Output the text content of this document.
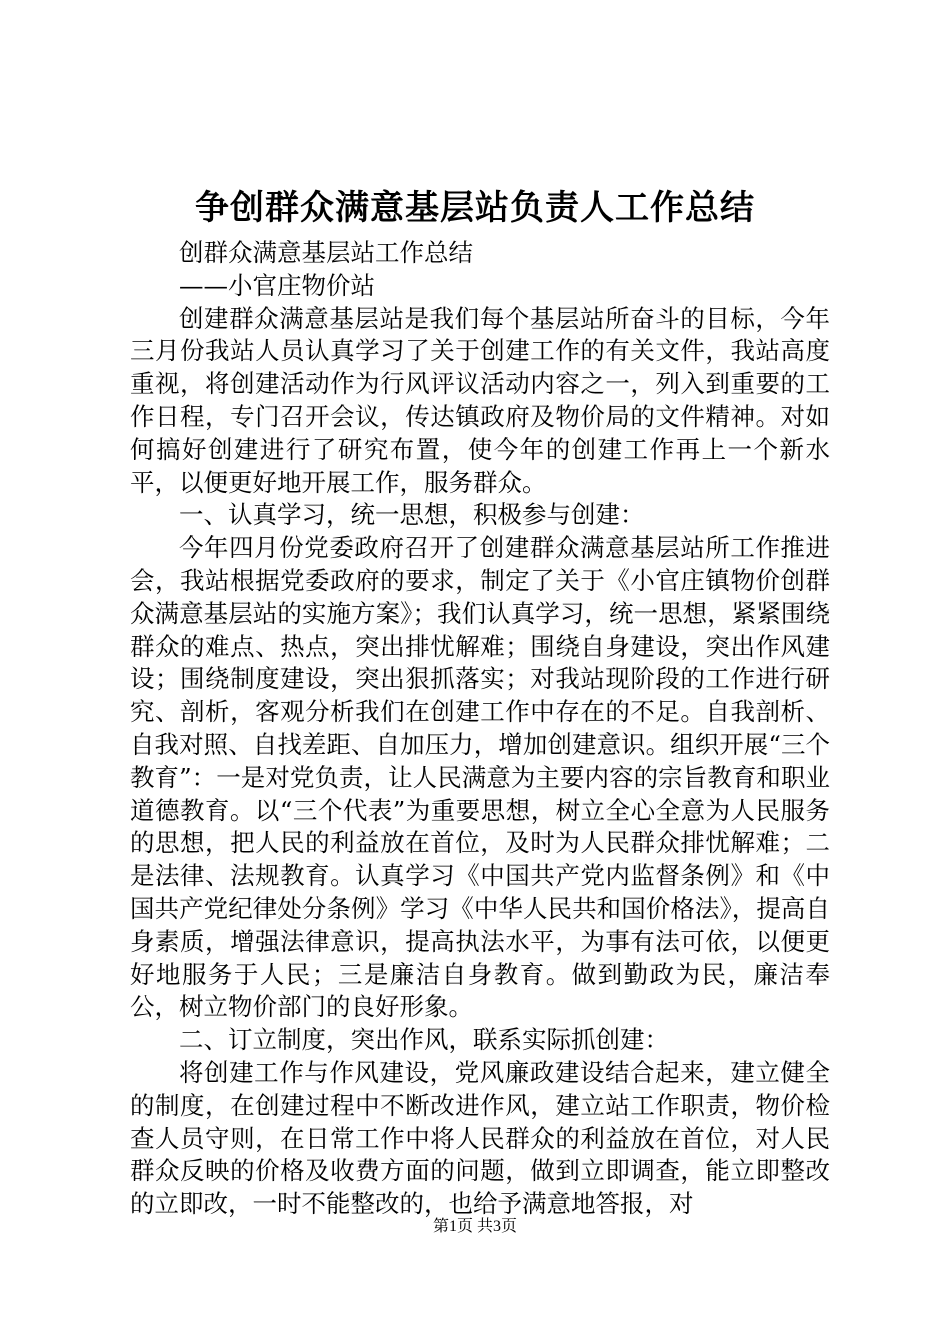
争创群众满意基层站负责人工作总结

创群众满意基层站工作总结

——小官庄物价站

创建群众满意基层站是我们每个基层站所奋斗的目标，今年三月份我站人员认真学习了关于创建工作的有关文件，我站高度重视，将创建活动作为行风评议活动内容之一，列入到重要的工作日程，专门召开会议，传达镇政府及物价局的文件精神。对如何搞好创建进行了研究布置，使今年的创建工作再上一个新水平，以便更好地开展工作，服务群众。

一、认真学习，统一思想，积极参与创建：

今年四月份党委政府召开了创建群众满意基层站所工作推进会，我站根据党委政府的要求，制定了关于《小官庄镇物价创群众满意基层站的实施方案》；我们认真学习，统一思想，紧紧围绕群众的难点、热点，突出排忧解难；围绕自身建设，突出作风建设；围绕制度建设，突出狠抓落实；对我站现阶段的工作进行研究、剖析，客观分析我们在创建工作中存在的不足。自我剖析、自我对照、自找差距、自加压力，增加创建意识。组织开展“三个教育”：一是对党负责，让人民满意为主要内容的宗旨教育和职业道德教育。以“三个代表”为重要思想，树立全心全意为人民服务的思想，把人民的利益放在首位，及时为人民群众排忧解难；二是法律、法规教育。认真学习《中国共产党内监督条例》和《中国共产党纪律处分条例》学习《中华人民共和国价格法》，提高自身素质，增强法律意识，提高执法水平，为事有法可依，以便更好地服务于人民；三是廉洁自身教育。做到勤政为民，廉洁奉公，树立物价部门的良好形象。

二、订立制度，突出作风，联系实际抓创建：

将创建工作与作风建设，党风廉政建设结合起来，建立健全的制度，在创建过程中不断改进作风，建立站工作职责，物价检查人员守则，在日常工作中将人民群众的利益放在首位，对人民群众反映的价格及收费方面的问题，做到立即调查，能立即整改的立即改，一时不能整改的，也给予满意地答报，对

第1页 共3页
